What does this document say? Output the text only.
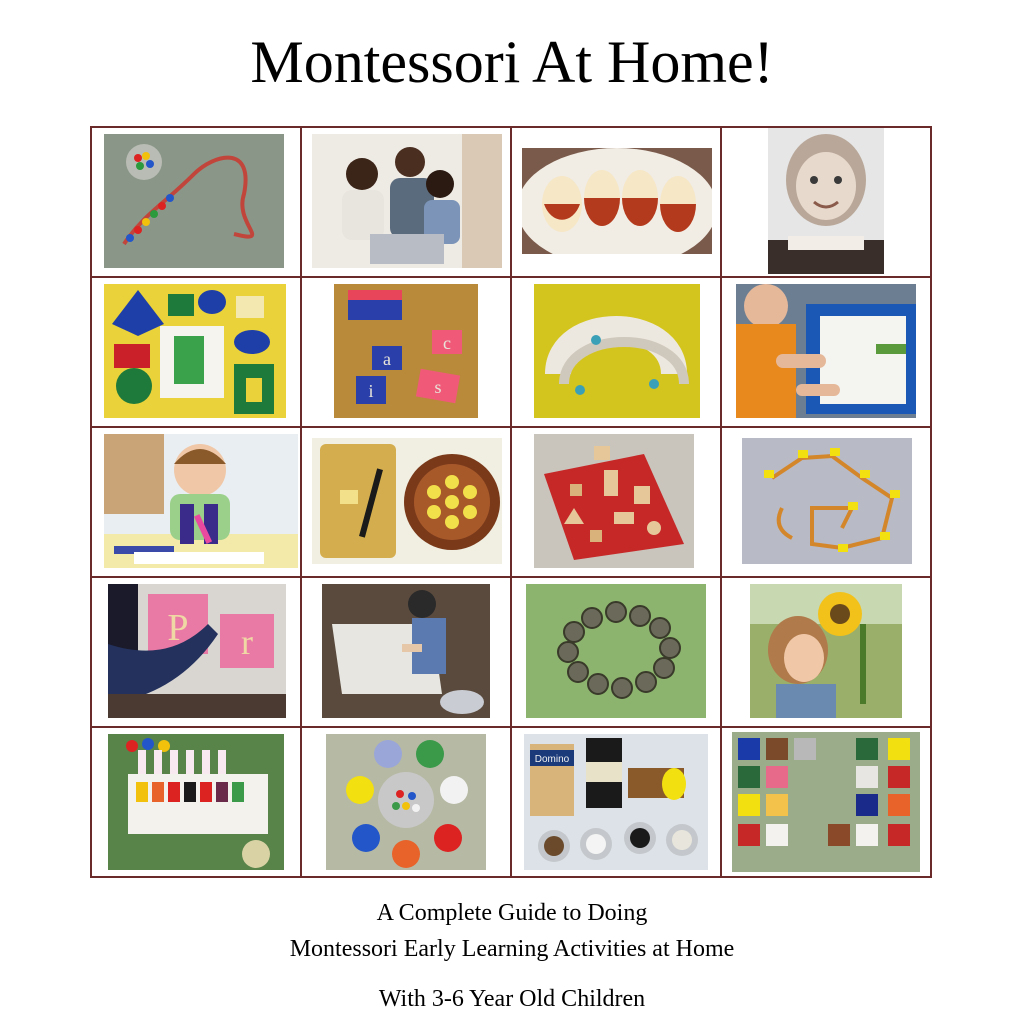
Montessori At Home!
a
c
i	s
P r
Domino
A Complete Guide to Doing
Montessori Early Learning Activities at Home
With 3-6 Year Old Children
